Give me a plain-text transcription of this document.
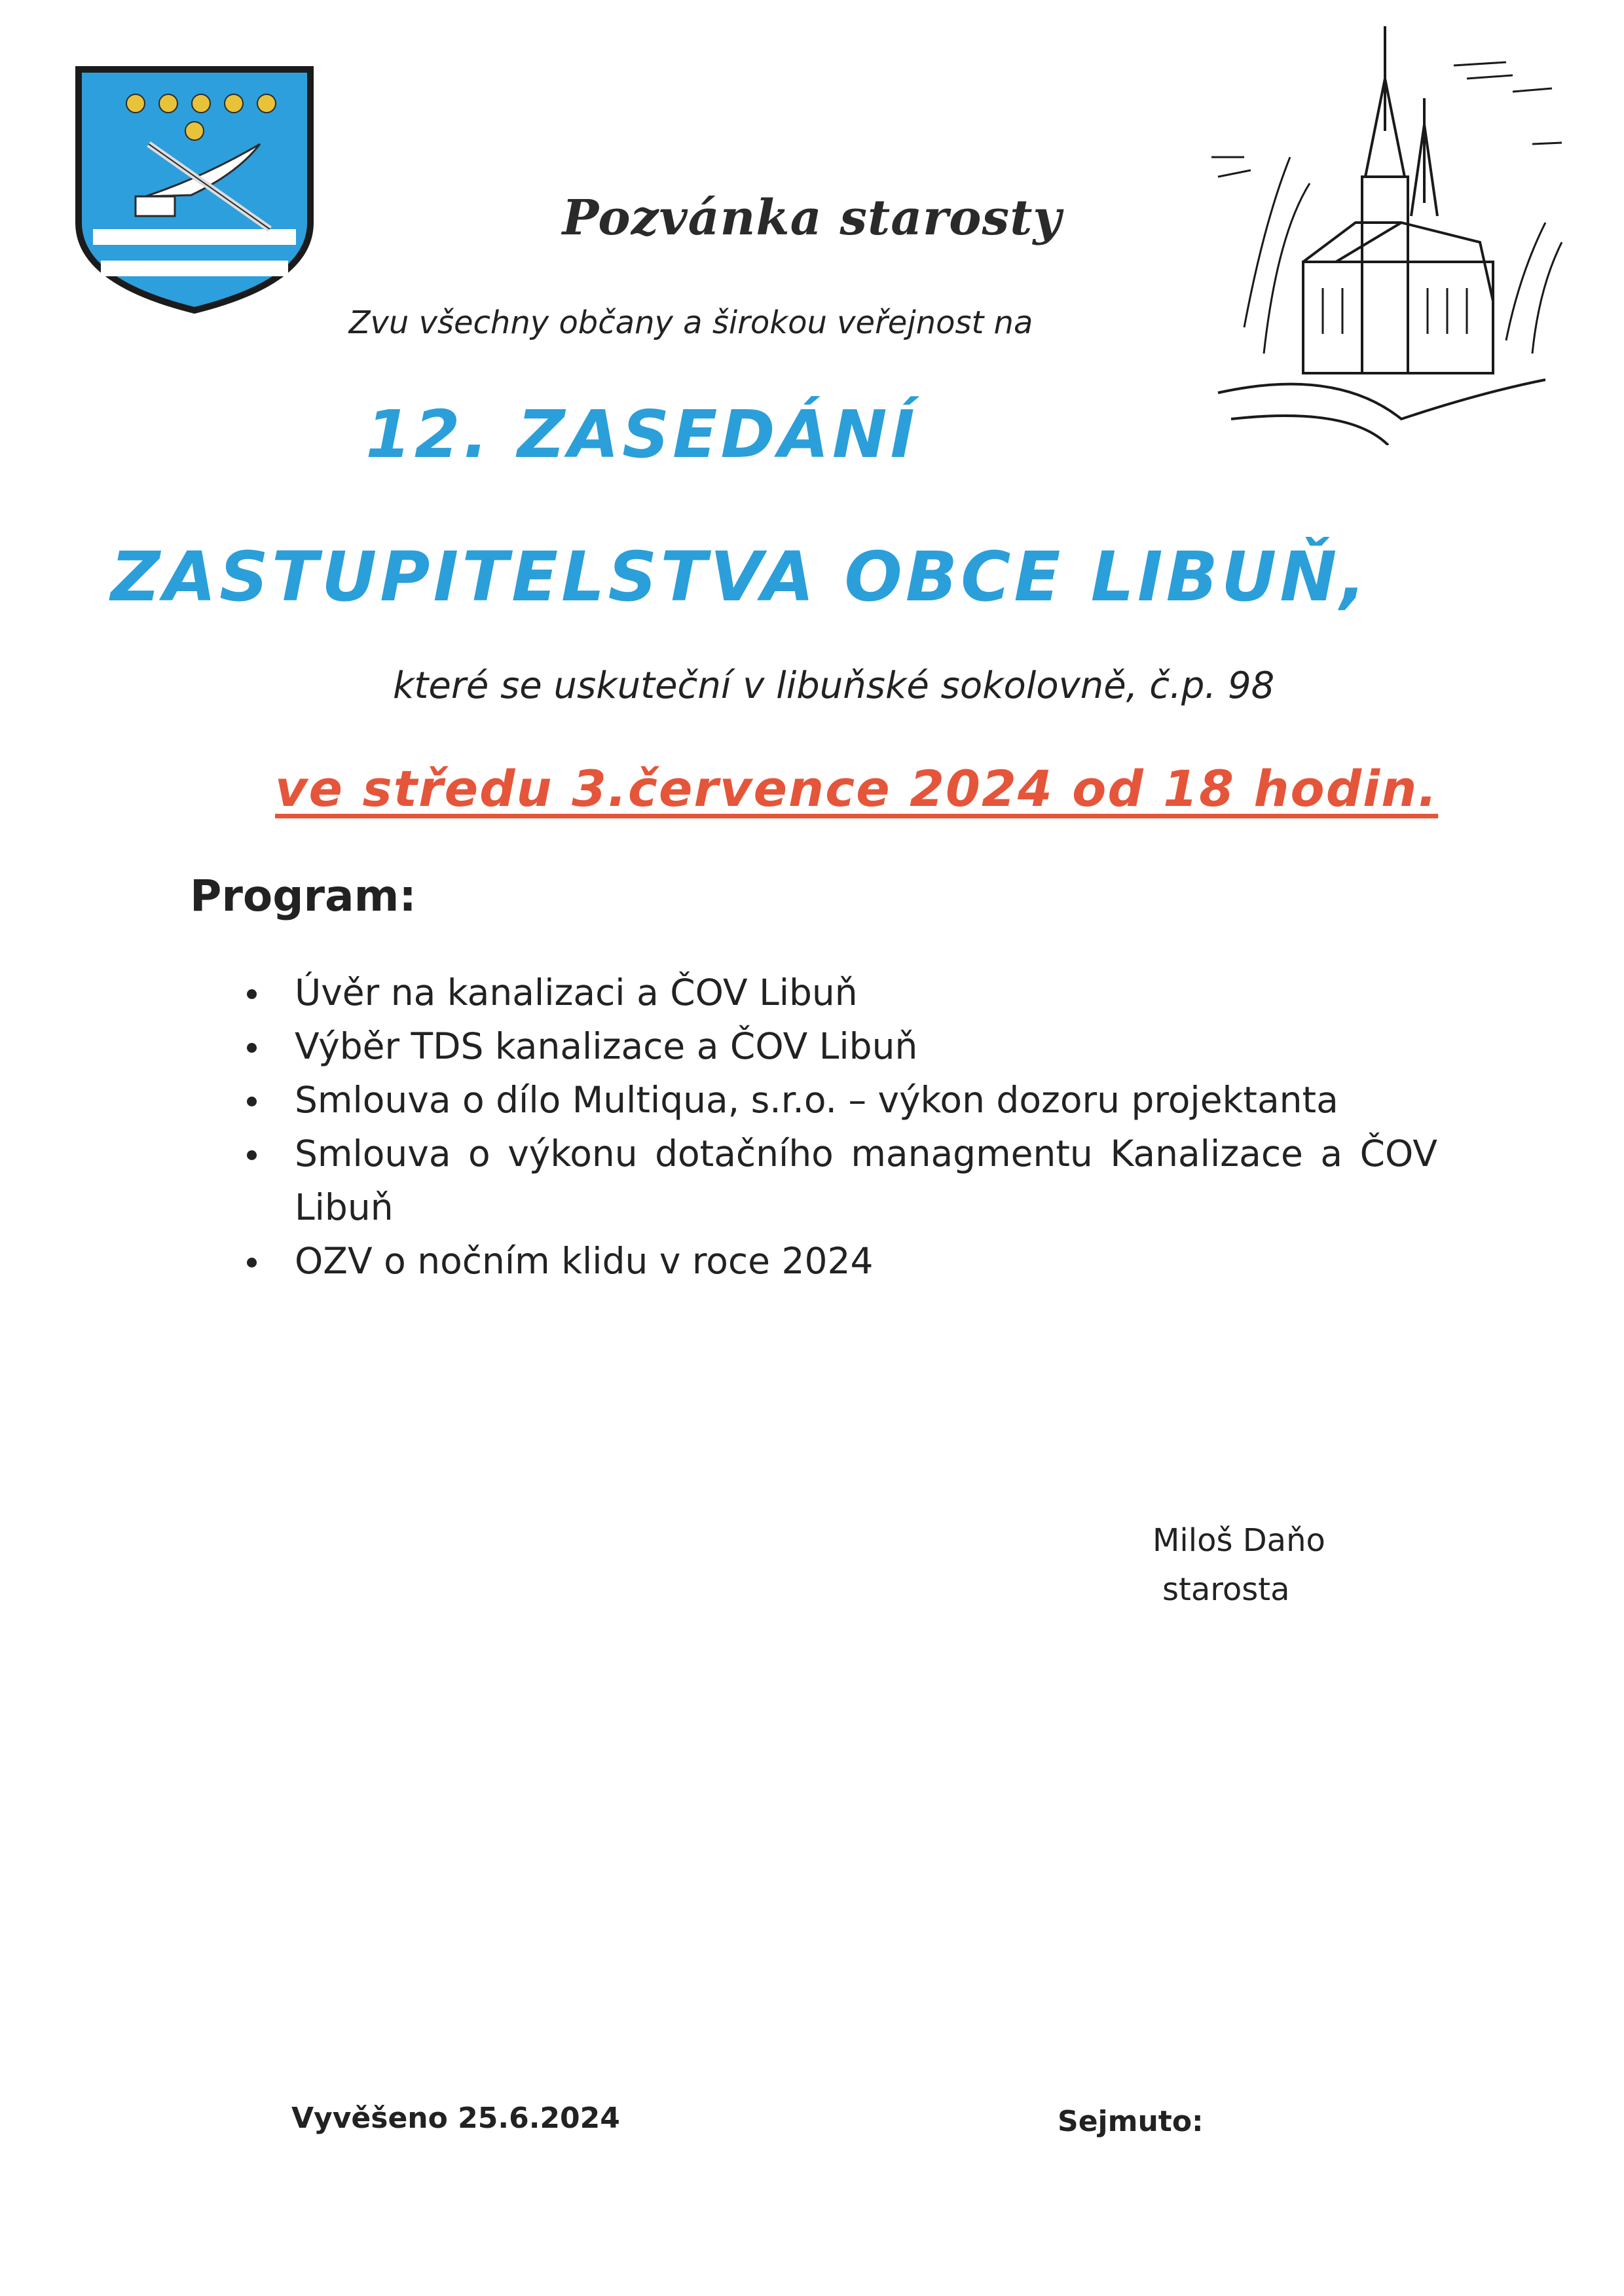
Pozvánka starosty
Zvu všechny občany a širokou veřejnost na
12. ZASEDÁNÍ
ZASTUPITELSTVA OBCE LIBUŇ,
které se uskuteční v libuňské sokolovně, č.p. 98
ve středu 3.července 2024 od 18 hodin.
Program:
Úvěr na kanalizaci a ČOV Libuň
Výběr TDS kanalizace a ČOV Libuň
Smlouva o dílo Multiqua, s.r.o. – výkon dozoru projektanta
Smlouva o výkonu dotačního managmentu Kanalizace a ČOV Libuň
OZV o nočním klidu v roce 2024
Miloš Daňo
starosta
Vyvěšeno 25.6.2024	Sejmuto:
